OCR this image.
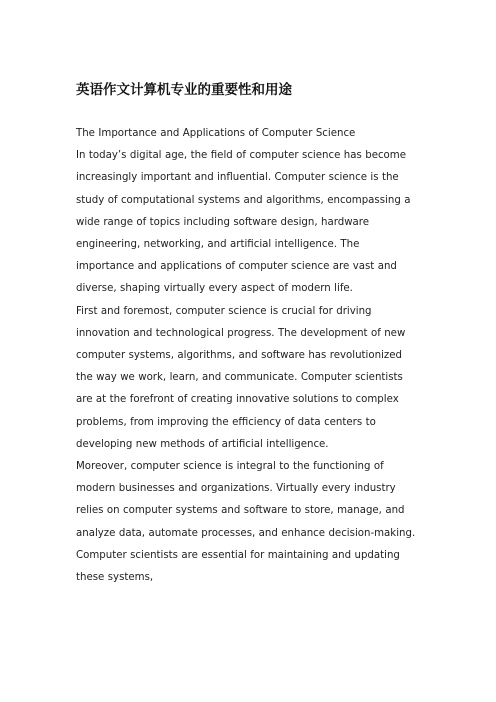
英语作文计算机专业的重要性和用途

The Importance and Applications of Computer Science

In today’s digital age, the field of computer science has become increasingly important and influential. Computer science is the study of computational systems and algorithms, encompassing a wide range of topics including software design, hardware engineering, networking, and artificial intelligence. The importance and applications of computer science are vast and diverse, shaping virtually every aspect of modern life.

First and foremost, computer science is crucial for driving innovation and technological progress. The development of new computer systems, algorithms, and software has revolutionized the way we work, learn, and communicate. Computer scientists are at the forefront of creating innovative solutions to complex problems, from improving the efficiency of data centers to developing new methods of artificial intelligence.

Moreover, computer science is integral to the functioning of modern businesses and organizations. Virtually every industry relies on computer systems and software to store, manage, and analyze data, automate processes, and enhance decision-making. Computer scientists are essential for maintaining and updating these systems,
